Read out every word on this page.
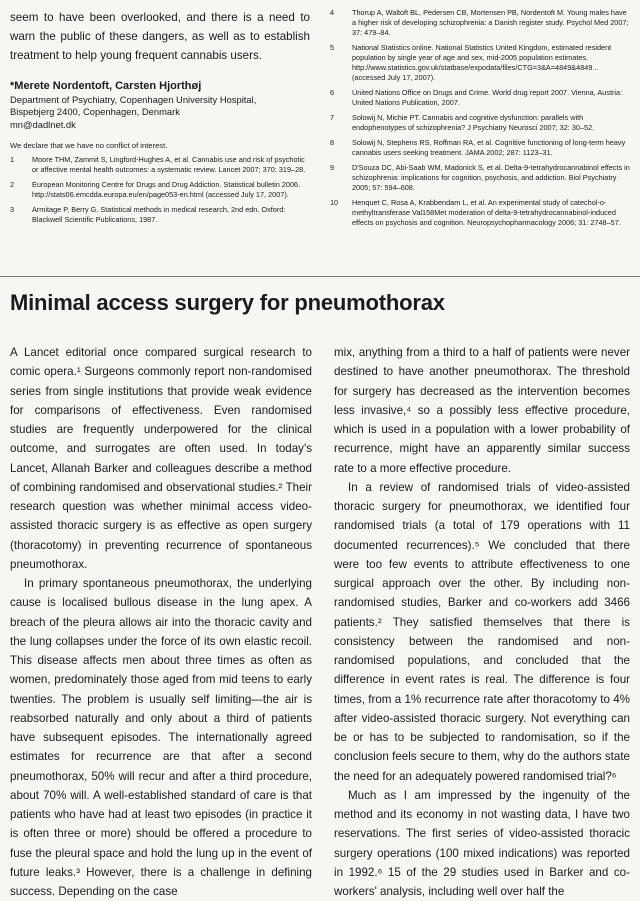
seem to have been overlooked, and there is a need to warn the public of these dangers, as well as to establish treatment to help young frequent cannabis users.

*Merete Nordentoft, Carsten Hjorthøj

Department of Psychiatry, Copenhagen University Hospital,

Bispebjerg 2400, Copenhagen, Denmark

mn@dadlnet.dk

We declare that we have no conflict of interest.

1	Moore THM, Zammit S, Lingford-Hughes A, et al. Cannabis use and risk of psychotic or affective mental health outcomes: a systematic review. Lancet 2007; 370: 319–28.
2	European Monitoring Centre for Drugs and Drug Addiction. Statistical bulletin 2006. http://stats06.emcdda.europa.eu/en/page053-en.html (accessed July 17, 2007).
3	Armitage P, Berry G. Statistical methods in medical research, 2nd edn. Oxford: Blackwell Scientific Publications, 1987.
4	Thorup A, Waltoft BL, Pedersen CB, Mortensen PB, Nordentoft M. Young males have a higher risk of developing schizophrenia: a Danish register study. Psychol Med 2007; 37: 479–84.
5	National Statistics online. National Statistics United Kingdom, estimated resident population by single year of age and sex, mid-2005 population estimates. http://www.statistics.gov.uk/statbase/expodata/files/CTG=3&A=4849&4849... (accessed July 17, 2007).
6	United Nations Office on Drugs and Crime. World drug report 2007. Vienna, Austria: United Nations Publication, 2007.
7	Solowij N, Michie PT. Cannabis and cognitive dysfunction: parallels with endophenotypes of schizophrenia? J Psychiatry Neurosci 2007; 32: 30–52.
8	Solowij N, Stephens RS, Roffman RA, et al. Cognitive functioning of long-term heavy cannabis users seeking treatment. JAMA 2002; 287: 1123–31.
9	D'Souza DC, Abi-Saab WM, Madonick S, et al. Delta-9-tetrahydrocannabinol effects in schizophrenia: implications for cognition, psychosis, and addiction. Biol Psychiatry 2005; 57: 594–608.
10	Henquet C, Rosa A, Krabbendam L, et al. An experimental study of catechol-o-methyltransferase Val158Met moderation of delta-9-tetrahydrocannabinol-induced effects on psychosis and cognition. Neuropsychopharmacology 2006; 31: 2748–57.
Minimal access surgery for pneumothorax

A Lancet editorial once compared surgical research to comic opera.¹ Surgeons commonly report non-randomised series from single institutions that provide weak evidence for comparisons of effectiveness. Even randomised studies are frequently underpowered for the clinical outcome, and surrogates are often used. In today's Lancet, Allanah Barker and colleagues describe a method of combining randomised and observational studies.² Their research question was whether minimal access video-assisted thoracic surgery is as effective as open surgery (thoracotomy) in preventing recurrence of spontaneous pneumothorax.

In primary spontaneous pneumothorax, the underlying cause is localised bullous disease in the lung apex. A breach of the pleura allows air into the thoracic cavity and the lung collapses under the force of its own elastic recoil. This disease affects men about three times as often as women, predominately those aged from mid teens to early twenties. The problem is usually self limiting—the air is reabsorbed naturally and only about a third of patients have subsequent episodes. The internationally agreed estimates for recurrence are that after a second pneumothorax, 50% will recur and after a third procedure, about 70% will. A well-established standard of care is that patients who have had at least two episodes (in practice it is often three or more) should be offered a procedure to fuse the pleural space and hold the lung up in the event of future leaks.³ However, there is a challenge in defining success. Depending on the case

mix, anything from a third to a half of patients were never destined to have another pneumothorax. The threshold for surgery has decreased as the intervention becomes less invasive,⁴ so a possibly less effective procedure, which is used in a population with a lower probability of recurrence, might have an apparently similar success rate to a more effective procedure.

In a review of randomised trials of video-assisted thoracic surgery for pneumothorax, we identified four randomised trials (a total of 179 operations with 11 documented recurrences).⁵ We concluded that there were too few events to attribute effectiveness to one surgical approach over the other. By including non-randomised studies, Barker and co-workers add 3466 patients.² They satisfied themselves that there is consistency between the randomised and non-randomised populations, and concluded that the difference in event rates is real. The difference is four times, from a 1% recurrence rate after thoracotomy to 4% after video-assisted thoracic surgery. Not everything can be or has to be subjected to randomisation, so if the conclusion feels secure to them, why do the authors state the need for an adequately powered randomised trial?⁶

Much as I am impressed by the ingenuity of the method and its economy in not wasting data, I have two reservations. The first series of video-assisted thoracic surgery operations (100 mixed indications) was reported in 1992.⁶ 15 of the 29 studies used in Barker and co-workers' analysis, including well over half the
